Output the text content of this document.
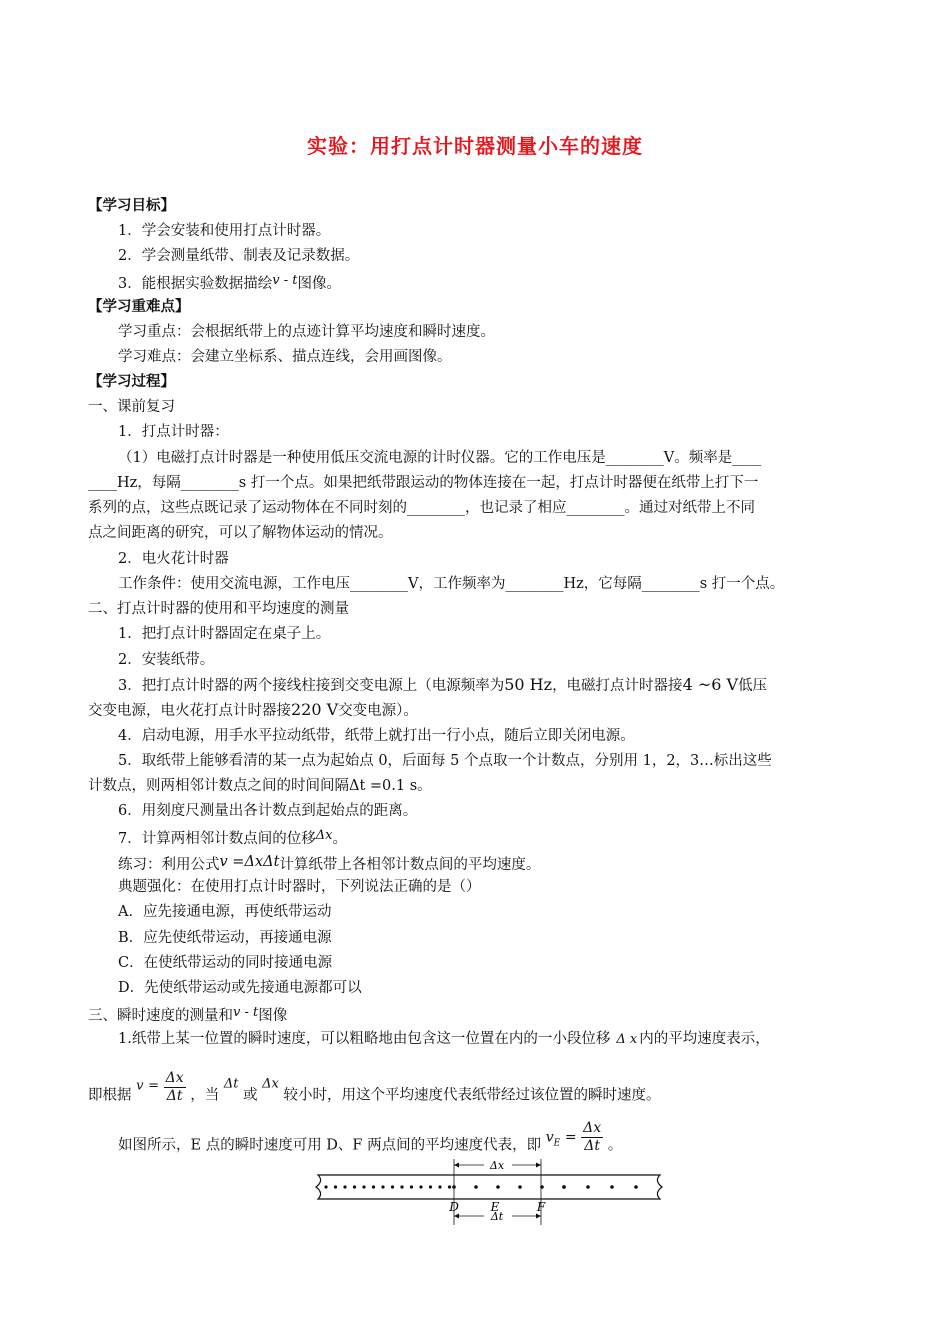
实验：用打点计时器测量小车的速度
【学习目标】
1．学会安装和使用打点计时器。
2．学会测量纸带、制表及记录数据。
3．能根据实验数据描绘v - t图像。
【学习重难点】
学习重点：会根据纸带上的点迹计算平均速度和瞬时速度。
学习难点：会建立坐标系、描点连线，会用画图像。
【学习过程】
一、课前复习
1．打点计时器：
（1）电磁打点计时器是一种使用低压交流电源的计时仪器。它的工作电压是________V。频率是____
____Hz，每隔________s 打一个点。如果把纸带跟运动的物体连接在一起，打点计时器便在纸带上打下一
系列的点，这些点既记录了运动物体在不同时刻的________，也记录了相应________。通过对纸带上不同
点之间距离的研究，可以了解物体运动的情况。
2．电火花计时器
工作条件：使用交流电源，工作电压________V，工作频率为________Hz，它每隔________s 打一个点。
二、打点计时器的使用和平均速度的测量
1．把打点计时器固定在桌子上。
2．安装纸带。
3．把打点计时器的两个接线柱接到交变电源上（电源频率为50 Hz，电磁打点计时器接4 ~6 V低压
交变电源，电火花打点计时器接220 V交变电源）。
4．启动电源，用手水平拉动纸带，纸带上就打出一行小点，随后立即关闭电源。
5．取纸带上能够看清的某一点为起始点 0，后面每 5 个点取一个计数点，分别用 1，2，3…标出这些
计数点，则两相邻计数点之间的时间间隔Δt =0.1 s。
6．用刻度尺测量出各计数点到起始点的距离。
7．计算两相邻计数点间的位移Δx。
练习：利用公式v =ΔxΔt计算纸带上各相邻计数点间的平均速度。
典题强化：在使用打点计时器时，下列说法正确的是（）
A．应先接通电源，再使纸带运动
B．应先使纸带运动，再接通电源
C．在使纸带运动的同时接通电源
D．先使纸带运动或先接通电源都可以
三、瞬时速度的测量和v - t图像
1.纸带上某一位置的瞬时速度，可以粗略地由包含这一位置在内的一小段位移 Δ x 内的平均速度表示，
即根据 $v = \frac{\Delta x}{\Delta t}$ ，当 Δt 或 Δx 较小时，用这个平均速度代表纸带经过该位置的瞬时速度。
如图所示，E 点的瞬时速度可用 D、F 两点间的平均速度代表，即 $v_E = \frac{\Delta x}{\Delta t}$ 。
Δx
Δt
D	E	F
